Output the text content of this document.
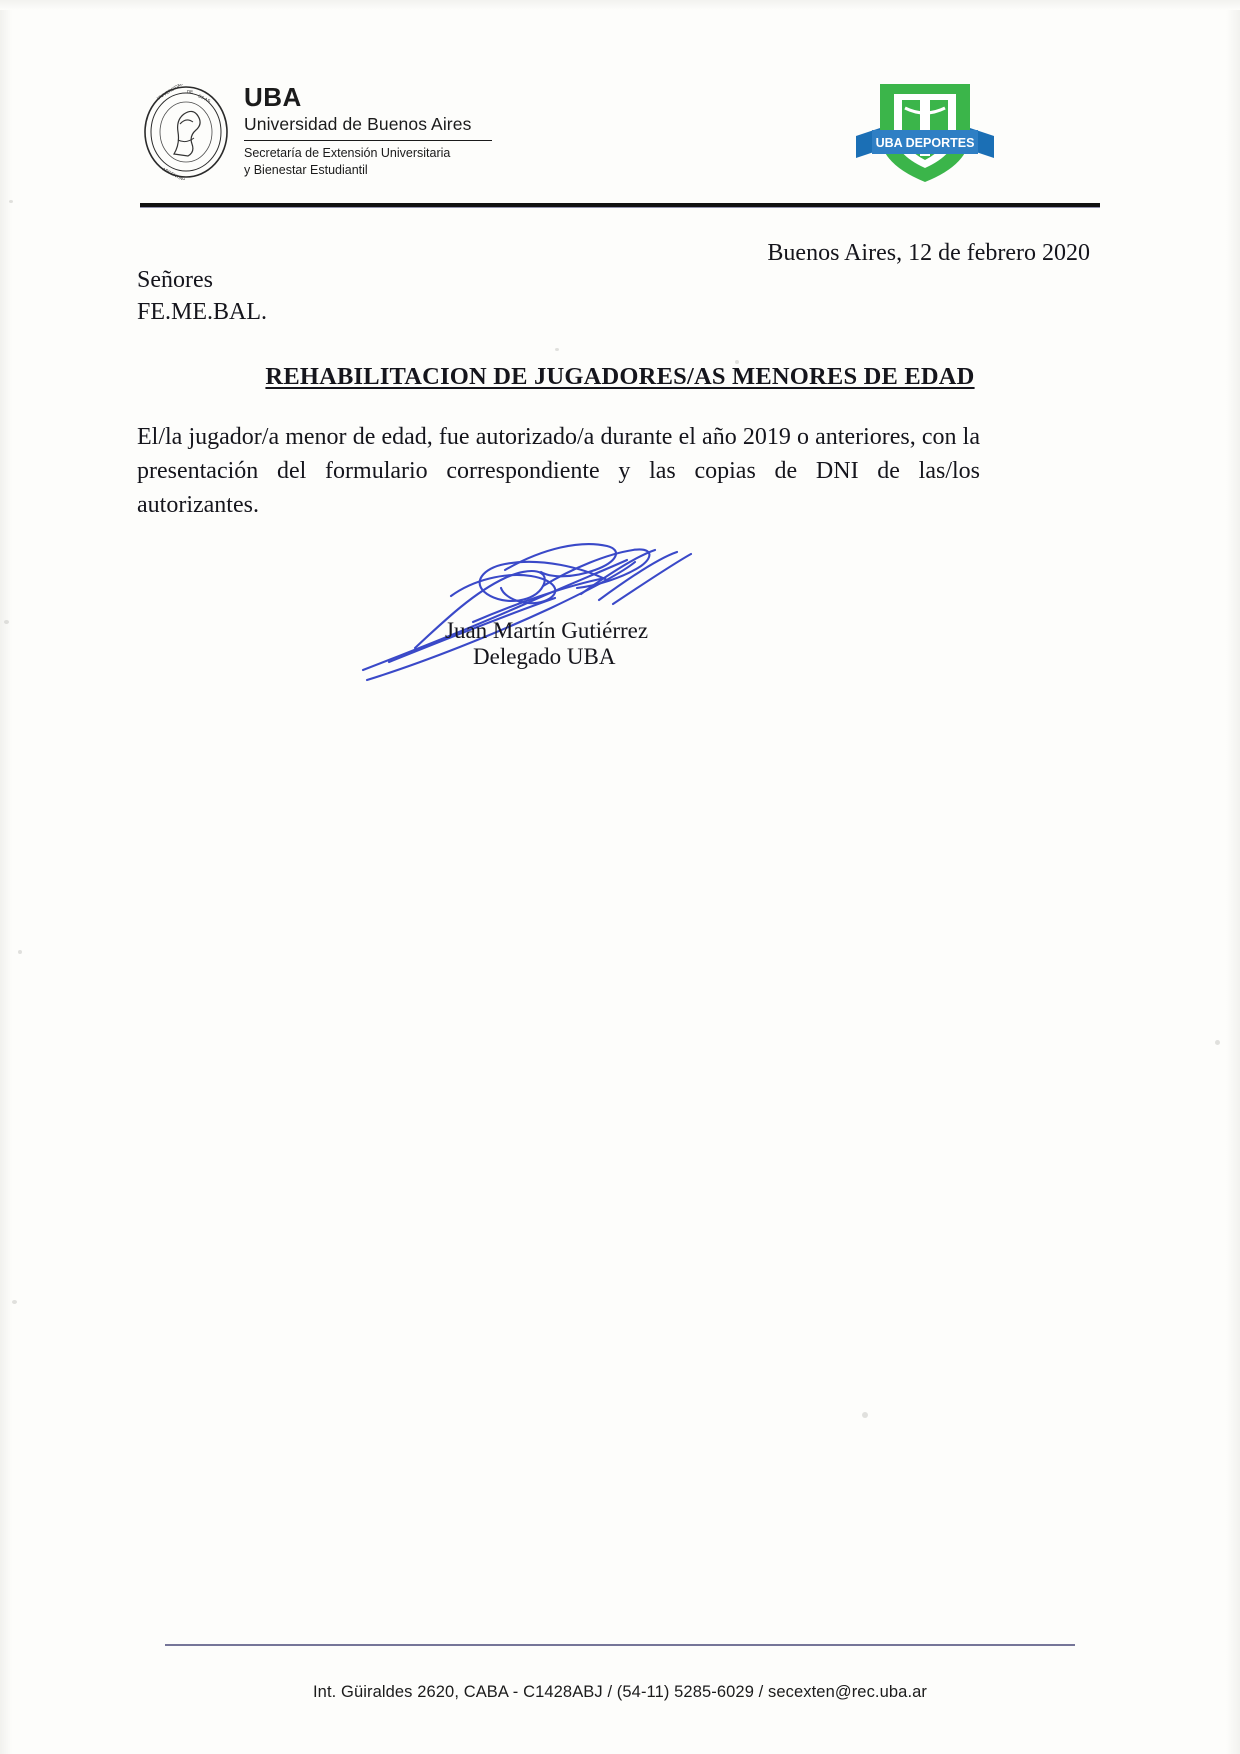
UNIVERSIDAD DE
BS AS
ARGENTINA
UBA
Universidad de Buenos Aires
Secretaría de Extensión Universitaria
y Bienestar Estudiantil
UBA DEPORTES
Buenos Aires, 12 de febrero 2020
Señores
FE.ME.BAL.
REHABILITACION DE JUGADORES/AS MENORES DE EDAD
El/la jugador/a menor de edad, fue autorizado/a durante el año 2019 o anteriores, con la presentación del formulario correspondiente y las copias de DNI de las/los autorizantes.
Juan Martín Gutiérrez
Delegado UBA
Int. Güiraldes 2620, CABA - C1428ABJ / (54-11) 5285-6029 / secexten@rec.uba.ar
